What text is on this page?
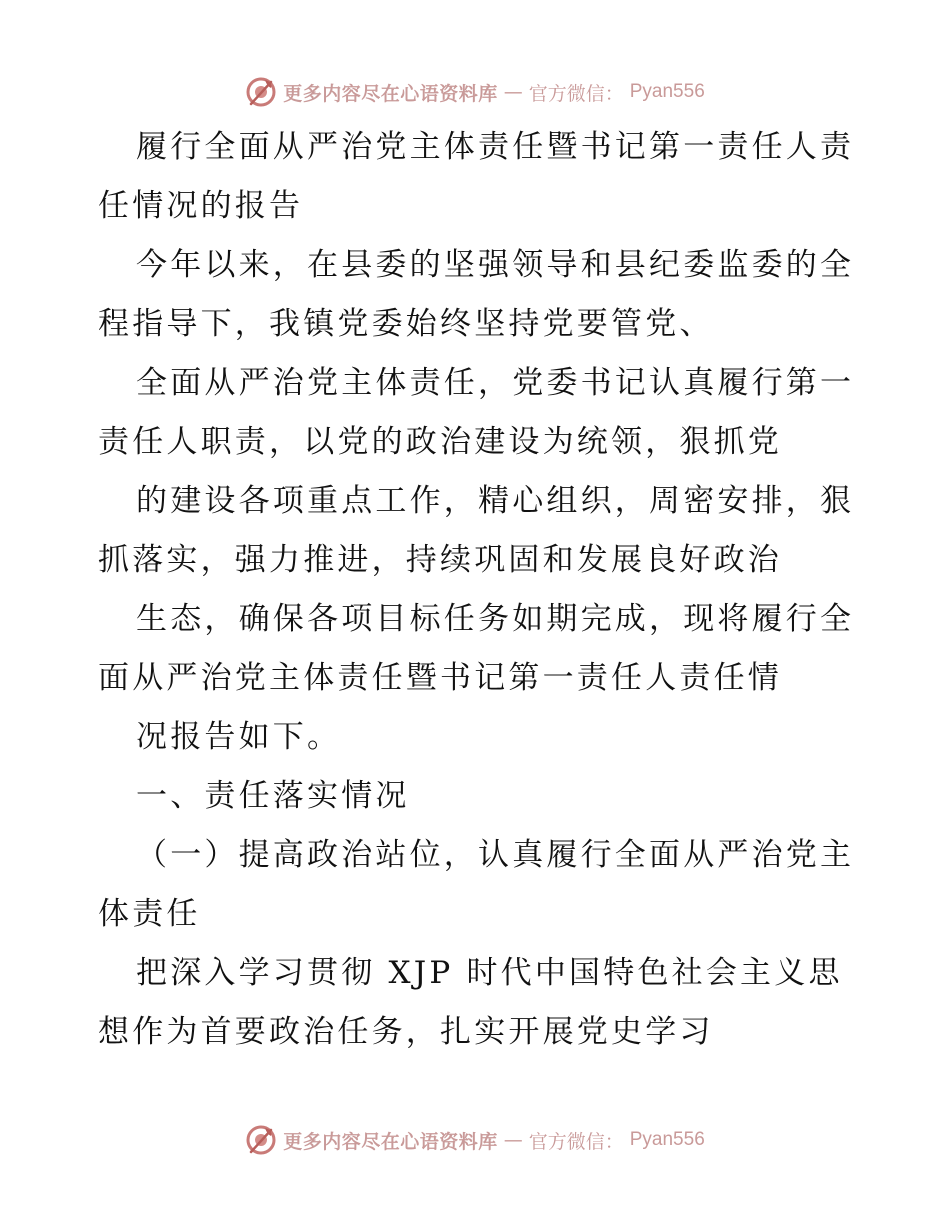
更多内容尽在心语资料库 — 官方微信： Pyan556
履行全面从严治党主体责任暨书记第一责任人责
任情况的报告
今年以来，在县委的坚强领导和县纪委监委的全
程指导下，我镇党委始终坚持党要管党、
全面从严治党主体责任，党委书记认真履行第一
责任人职责，以党的政治建设为统领，狠抓党
的建设各项重点工作，精心组织，周密安排，狠
抓落实，强力推进，持续巩固和发展良好政治
生态，确保各项目标任务如期完成，现将履行全
面从严治党主体责任暨书记第一责任人责任情
况报告如下。
一、责任落实情况
（一）提高政治站位，认真履行全面从严治党主
体责任
把深入学习贯彻 XJP 时代中国特色社会主义思
想作为首要政治任务，扎实开展党史学习
更多内容尽在心语资料库 — 官方微信： Pyan556
